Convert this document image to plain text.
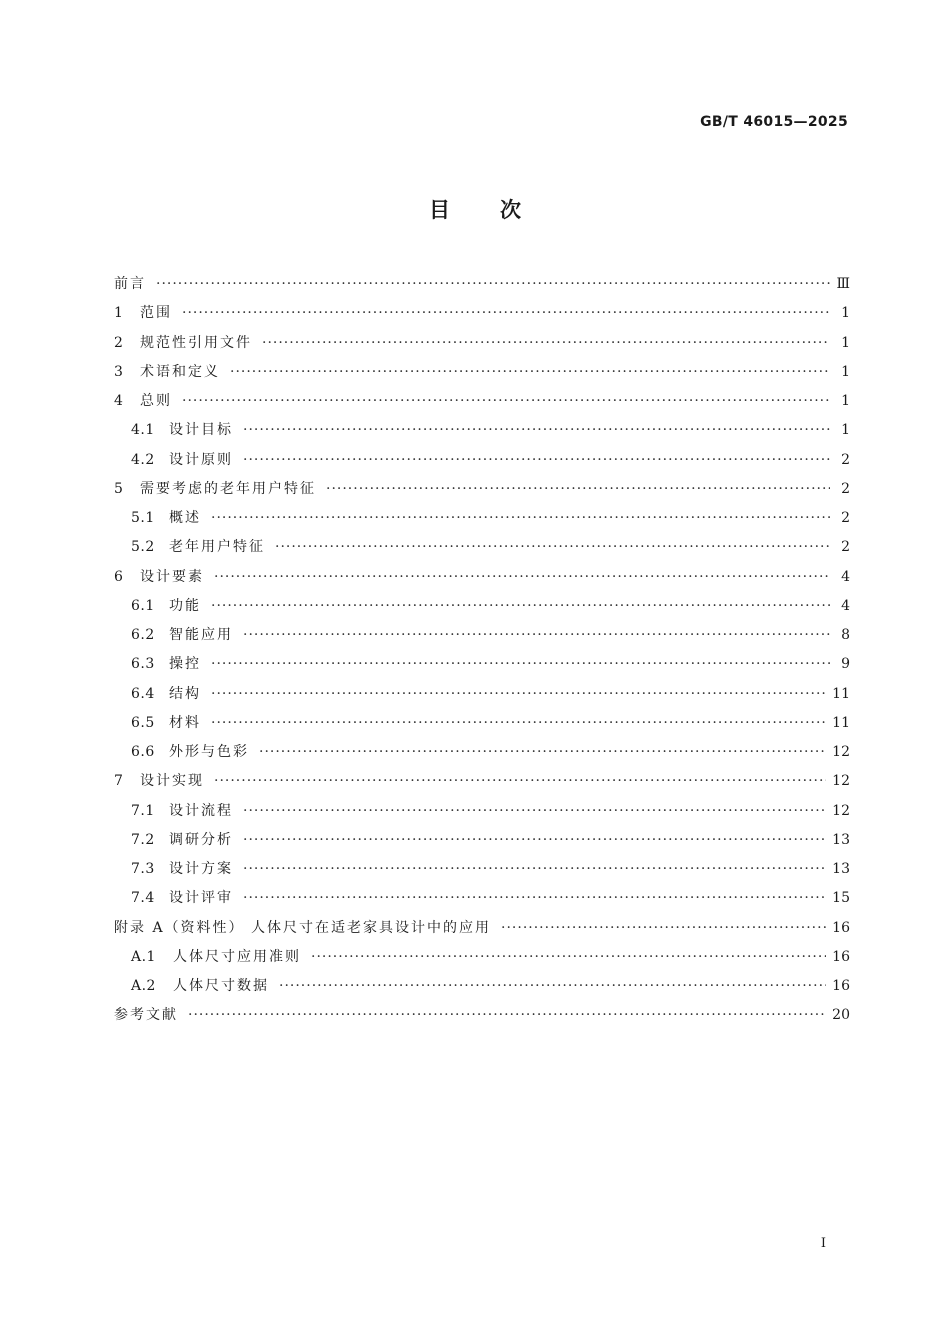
GB/T 46015—2025
目次
前言 ·····	Ⅲ
1	范围 ·····	1
2	规范性引用文件 ·····	1
3	术语和定义 ·····	1
4	总则 ·····	1
4.1	设计目标 ·····	1
4.2	设计原则 ·····	2
5	需要考虑的老年用户特征 ·····	2
5.1	概述 ·····	2
5.2	老年用户特征 ·····	2
6	设计要素 ·····	4
6.1	功能 ·····	4
6.2	智能应用 ·····	8
6.3	操控 ·····	9
6.4	结构 ·····	11
6.5	材料 ·····	11
6.6	外形与色彩 ·····	12
7	设计实现 ·····	12
7.1	设计流程 ·····	12
7.2	调研分析 ·····	13
7.3	设计方案 ·····	13
7.4	设计评审 ·····	15
附录 A（资料性） 人体尺寸在适老家具设计中的应用 ·····	16
A.1	人体尺寸应用准则 ·····	16
A.2	人体尺寸数据 ·····	16
参考文献 ·····	20
I
